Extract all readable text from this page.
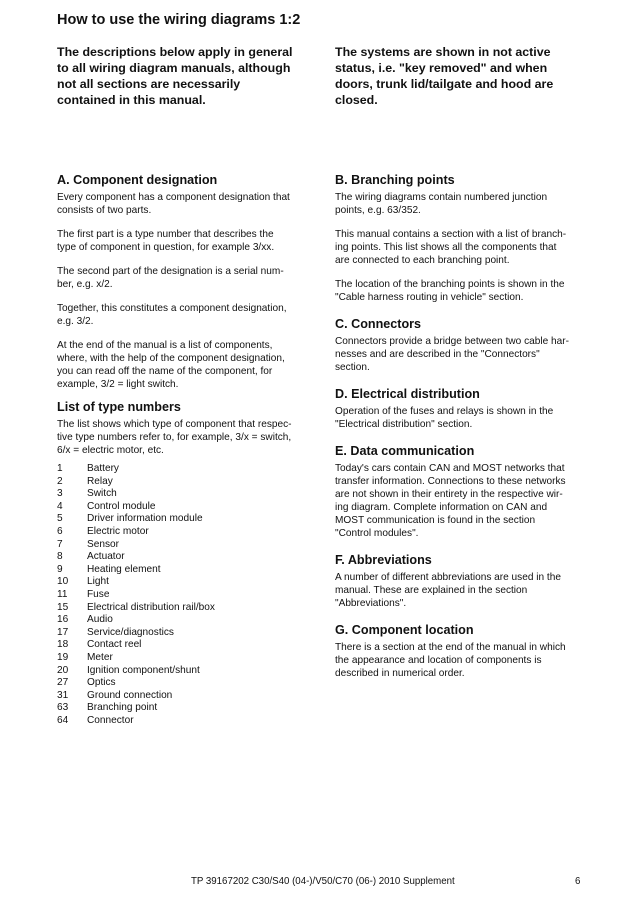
How to use the wiring diagrams 1:2

The descriptions below apply in general
to all wiring diagram manuals, although
not all sections are necessarily
contained in this manual.

The systems are shown in not active
status, i.e. "key removed" and when
doors, trunk lid/tailgate and hood are
closed.

A. Component designation

Every component has a component designation that
consists of two parts.

The first part is a type number that describes the
type of component in question, for example 3/xx.

The second part of the designation is a serial num-
ber, e.g. x/2.

Together, this constitutes a component designation,
e.g. 3/2.

At the end of the manual is a list of components,
where, with the help of the component designation,
you can read off the name of the component, for
example, 3/2 = light switch.

List of type numbers

The list shows which type of component that respec-
tive type numbers refer to, for example, 3/x = switch,
6/x = electric motor, etc.

1	Battery
2	Relay
3	Switch
4	Control module
5	Driver information module
6	Electric motor
7	Sensor
8	Actuator
9	Heating element
10	Light
11	Fuse
15	Electrical distribution rail/box
16	Audio
17	Service/diagnostics
18	Contact reel
19	Meter
20	Ignition component/shunt
27	Optics
31	Ground connection
63	Branching point
64	Connector
B. Branching points

The wiring diagrams contain numbered junction
points, e.g. 63/352.

This manual contains a section with a list of branch-
ing points. This list shows all the components that
are connected to each branching point.

The location of the branching points is shown in the
"Cable harness routing in vehicle" section.

C. Connectors

Connectors provide a bridge between two cable har-
nesses and are described in the "Connectors"
section.

D. Electrical distribution

Operation of the fuses and relays is shown in the
"Electrical distribution" section.

E. Data communication

Today's cars contain CAN and MOST networks that
transfer information. Connections to these networks
are not shown in their entirety in the respective wir-
ing diagram. Complete information on CAN and
MOST communication is found in the section
"Control modules".

F. Abbreviations

A number of different abbreviations are used in the
manual. These are explained in the section
"Abbreviations".

G. Component location

There is a section at the end of the manual in which
the appearance and location of components is
described in numerical order.

TP 39167202 C30/S40 (04-)/V50/C70 (06-) 2010 Supplement	6
